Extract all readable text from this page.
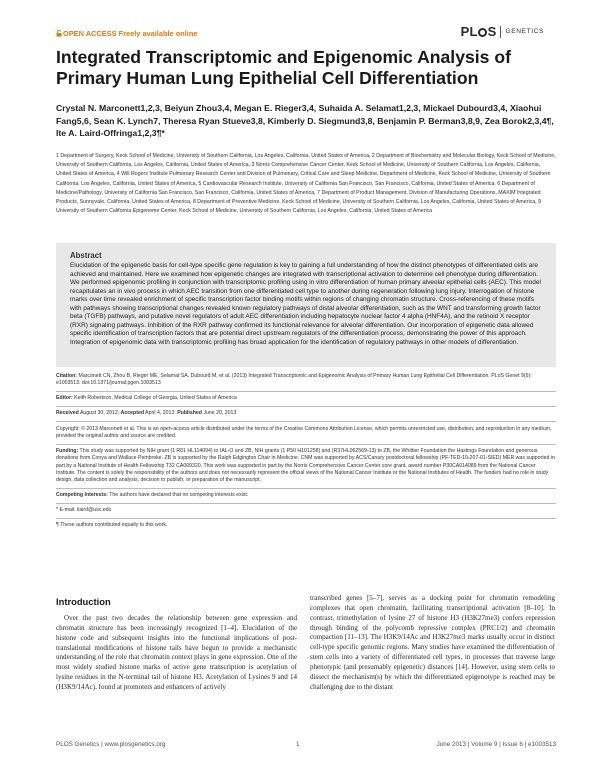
OPEN ACCESS Freely available online	PL S GENETICS
Integrated Transcriptomic and Epigenomic Analysis of Primary Human Lung Epithelial Cell Differentiation

Crystal N. Marconett1,2,3, Beiyun Zhou3,4, Megan E. Rieger3,4, Suhaida A. Selamat1,2,3, Mickael Dubourd3,4, Xiaohui Fang5,6, Sean K. Lynch7, Theresa Ryan Stueve3,8, Kimberly D. Siegmund3,8, Benjamin P. Berman3,8,9, Zea Borok2,3,4¶, Ite A. Laird-Offringa1,2,3¶*

1 Department of Surgery, Keck School of Medicine, University of Southern California, Los Angeles, California, United States of America, 2 Department of Biochemistry and Molecular Biology, Keck School of Medicine, University of Southern California, Los Angeles, California, United States of America, 3 Norris Comprehensive Cancer Center, Keck School of Medicine, University of Southern California, Los Angeles, California, United States of America, 4 Will Rogers Institute Pulmonary Research Center and Division of Pulmonary, Critical Care and Sleep Medicine, Department of Medicine, Keck School of Medicine, University of Southern California, Los Angeles, California, United States of America, 5 Cardiovascular Research Institute, University of California San Francisco, San Francisco, California, United States of America, 6 Department of Medicine/Pathology, University of California San Francisco, San Francisco, California, United States of America, 7 Department of Product Management, Division of Manufacturing Operations, MAXIM Integrated Products, Sunnyvale, California, United States of America, 8 Department of Preventive Medicine, Keck School of Medicine, University of Southern California, Los Angeles, California, United States of America, 9 University of Southern California Epigenome Center, Keck School of Medicine, University of Southern California, Los Angeles, California, United States of America

Abstract

Elucidation of the epigenetic basis for cell-type specific gene regulation is key to gaining a full understanding of how the distinct phenotypes of differentiated cells are achieved and maintained. Here we examined how epigenetic changes are integrated with transcriptional activation to determine cell phenotype during differentiation. We performed epigenomic profiling in conjunction with transcriptomic profiling using in vitro differentiation of human primary alveolar epithelial cells (AEC). This model recapitulates an in vivo process in which AEC transition from one differentiated cell type to another during regeneration following lung injury. Interrogation of histone marks over time revealed enrichment of specific transcription factor binding motifs within regions of changing chromatin structure. Cross-referencing of these motifs with pathways showing transcriptional changes revealed known regulatory pathways of distal alveolar differentiation, such as the WNT and transforming growth factor beta (TGFB) pathways, and putative novel regulators of adult AEC differentiation including hepatocyte nuclear factor 4 alpha (HNF4A), and the retinoid X receptor (RXR) signaling pathways. Inhibition of the RXR pathway confirmed its functional relevance for alveolar differentiation. Our incorporation of epigenetic data allowed specific identification of transcription factors that are potential direct upstream regulators of the differentiation process, demonstrating the power of this approach. Integration of epigenomic data with transcriptomic profiling has broad application for the identification of regulatory pathways in other models of differentiation.

Citation: Marconett CN, Zhou B, Rieger ME, Selamat SA, Dubourd M, et al. (2013) Integrated Transcriptomic and Epigenomic Analysis of Primary Human Lung Epithelial Cell Differentiation. PLoS Genet 9(6): e1003513. doi:10.1371/journal.pgen.1003513

Editor: Keith Robertson, Medical College of Georgia, United States of America

Received August 30, 2012; Accepted April 4, 2013; Published June 20, 2013

Copyright: © 2013 Marconett et al. This is an open-access article distributed under the terms of the Creative Commons Attribution License, which permits unrestricted use, distribution, and reproduction in any medium, provided the original author and source are credited.

Funding: This study was supported by NIH grant (1 R01 HL114094) to IAL-O and ZB, NIH grants (1 P50 H101258) and (R37HL062569-13) to ZB, the Whittier Foundation the Hastings Foundation and generous donations from Conya and Wallace Pembroke. ZB is supported by the Ralph Edgington Chair in Medicine. CNM was supported by ACS/Canary postdoctoral fellowship (PF-TED-10-207-01-SIED) MER was supported in part by a National Institute of Health Fellowship T32 CA009320. This work was supported in part by the Norris Comprehensive Cancer Center core grant, award number P30CA014089 from the National Cancer Institute. The content is solely the responsibility of the authors and does not necessarily represent the official views of the National Cancer Institute or the National Institutes of Health. The funders had no role in study design, data collection and analysis, decision to publish, or preparation of the manuscript.

Competing Interests: The authors have declared that no competing interests exist.

* E-mail: ilaird@usc.edu

¶ These authors contributed equally to this work.

Introduction

Over the past two decades the relationship between gene expression and chromatin structure has been increasingly recognized [1–4]. Elucidation of the histone code and subsequent insights into the functional implications of post-translational modifications of histone tails have begun to provide a mechanistic understanding of the role that chromatin context plays in gene expression. One of the most widely studied histone marks of active gene transcription is acetylation of lysine residues in the N-terminal tail of histone H3. Acetylation of Lysines 9 and 14 (H3K9/14Ac), found at promoters and enhancers of actively

transcribed genes [5–7], serves as a docking point for chromatin remodeling complexes that open chromatin, facilitating transcriptional activation [8–10]. In contrast, trimethylation of lysine 27 of histone H3 (H3K27me3) confers repression through binding of the polycomb repressive complex (PRC1/2) and chromatin compaction [11–13]. The H3K9/14Ac and H3K27me3 marks usually occur in distinct cell-type specific genomic regions. Many studies have examined the differentiation of stem cells into a variety of differentiated cell types, in processes that traverse large phenotypic (and presumably epigenetic) distances [14]. However, using stem cells to dissect the mechanism(s) by which the differentiated epigenotype is reached may be challenging due to the distant

PLOS Genetics | www.plosgenetics.org	1	June 2013 | Volume 9 | Issue 6 | e1003513
